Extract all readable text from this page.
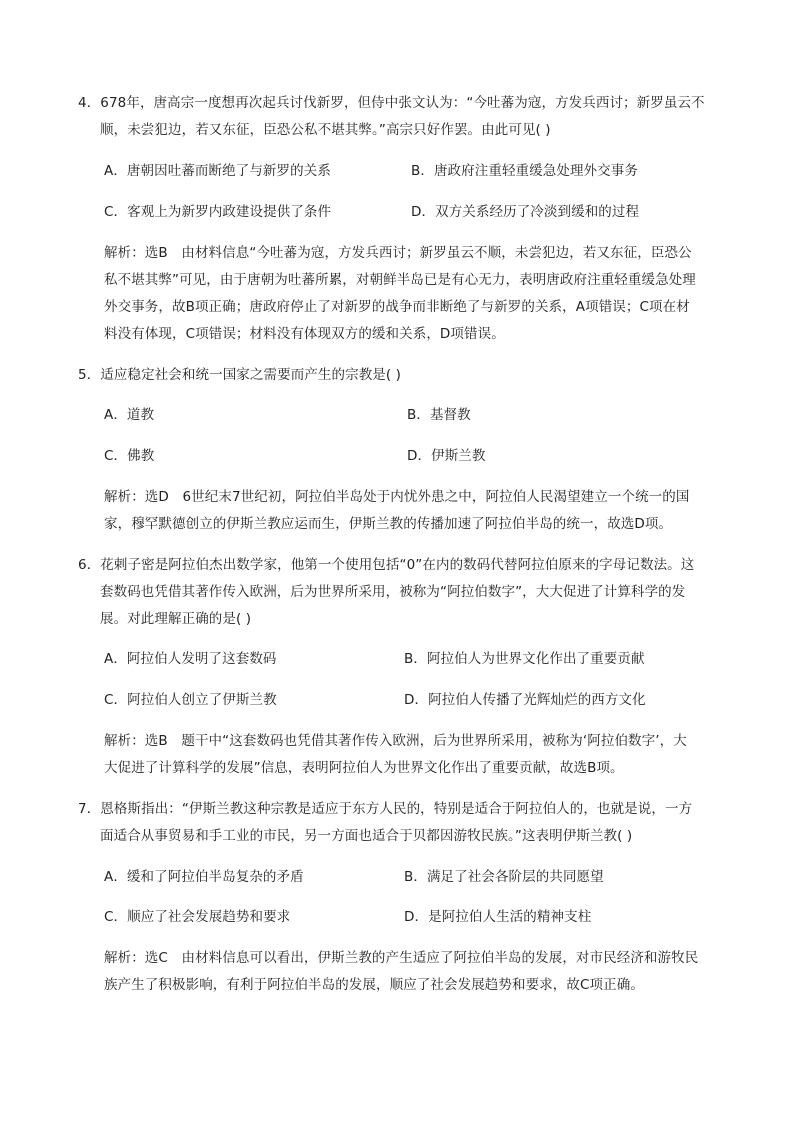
4．678年，唐高宗一度想再次起兵讨伐新罗，但侍中张文认为：“今吐蕃为寇，方发兵西讨；新罗虽云不
顺，未尝犯边，若又东征，臣恐公私不堪其弊。”高宗只好作罢。由此可见( )
A．唐朝因吐蕃而断绝了与新罗的关系	B．唐政府注重轻重缓急处理外交事务
C．客观上为新罗内政建设提供了条件	D．双方关系经历了冷淡到缓和的过程
解析：选B　由材料信息“今吐蕃为寇，方发兵西讨；新罗虽云不顺，未尝犯边，若又东征，臣恐公
私不堪其弊”可见，由于唐朝为吐蕃所累，对朝鲜半岛已是有心无力，表明唐政府注重轻重缓急处理
外交事务，故B项正确；唐政府停止了对新罗的战争而非断绝了与新罗的关系，A项错误；C项在材
料没有体现，C项错误；材料没有体现双方的缓和关系，D项错误。
5．适应稳定社会和统一国家之需要而产生的宗教是( )
A．道教	B．基督教
C．佛教	D．伊斯兰教
解析：选D　6世纪末7世纪初，阿拉伯半岛处于内忧外患之中，阿拉伯人民渴望建立一个统一的国
家，穆罕默德创立的伊斯兰教应运而生，伊斯兰教的传播加速了阿拉伯半岛的统一，故选D项。
6．花剌子密是阿拉伯杰出数学家，他第一个使用包括“0”在内的数码代替阿拉伯原来的字母记数法。这
套数码也凭借其著作传入欧洲，后为世界所采用，被称为“阿拉伯数字”，大大促进了计算科学的发
展。对此理解正确的是( )
A．阿拉伯人发明了这套数码	B．阿拉伯人为世界文化作出了重要贡献
C．阿拉伯人创立了伊斯兰教	D．阿拉伯人传播了光辉灿烂的西方文化
解析：选B　题干中“这套数码也凭借其著作传入欧洲，后为世界所采用，被称为‘阿拉伯数字’，大
大促进了计算科学的发展”信息，表明阿拉伯人为世界文化作出了重要贡献，故选B项。
7．恩格斯指出：“伊斯兰教这种宗教是适应于东方人民的，特别是适合于阿拉伯人的，也就是说，一方
面适合从事贸易和手工业的市民，另一方面也适合于贝都因游牧民族。”这表明伊斯兰教( )
A．缓和了阿拉伯半岛复杂的矛盾	B．满足了社会各阶层的共同愿望
C．顺应了社会发展趋势和要求	D．是阿拉伯人生活的精神支柱
解析：选C　由材料信息可以看出，伊斯兰教的产生适应了阿拉伯半岛的发展，对市民经济和游牧民
族产生了积极影响，有利于阿拉伯半岛的发展，顺应了社会发展趋势和要求，故C项正确。
